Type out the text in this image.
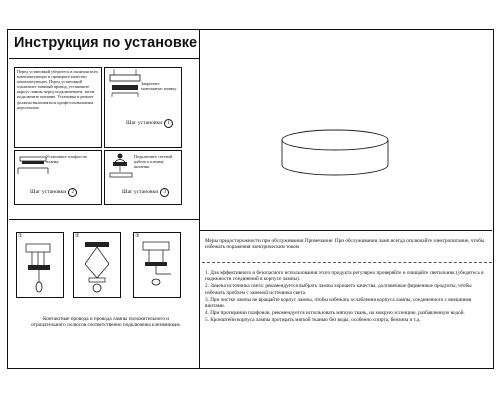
Инструкция по установке
Перед установкой убедитесь в наличии всех комплектующих и проверьте качество комплектующих. Перед установкой отключите главный провод, установите корпус лампы перед подключением, затем подключите питание. Установка и ремонт должны выполняться профессиональным персоналом.
Закрепите монтажную планку
Шаг установки 1
Установите плафон на планку
Шаг установки 2
Подключите сетевой кабель к клемму питания
Шаг установки 3
①	②	③
Контактные провода и провода лампы положительного и отрицательного полюсов соответственно подключены клеммникам.
Меры предосторожности при обслуживании Примечание: При обслуживании ламп всегда отключайте электропитание, чтобы избежать поражения электрическим током
1. Для эффективного и безопасного использования этого продукта регулярно проверяйте и очищайте светильник (убедитесь в надежности соединений в корпусе лампы).
2. Замена источника света: рекомендуется выбрать лампы хорошего качества, долговечные фирменные продукты, чтобы избежать проблем с заменой источника света.
3. При чистке лампы не вращайте корпус лампы, чтобы избежать ослабления корпуса лампы, соединенного с внешними винтами.
4. При протирании плафонов, рекомендуется использовать мягкую ткань, на мокрую эссенцию, разбавленную водой.
5. Кронштейн корпуса лампы протирать мягкой тканью без воды, особенно спирта, бензина и т.д.
